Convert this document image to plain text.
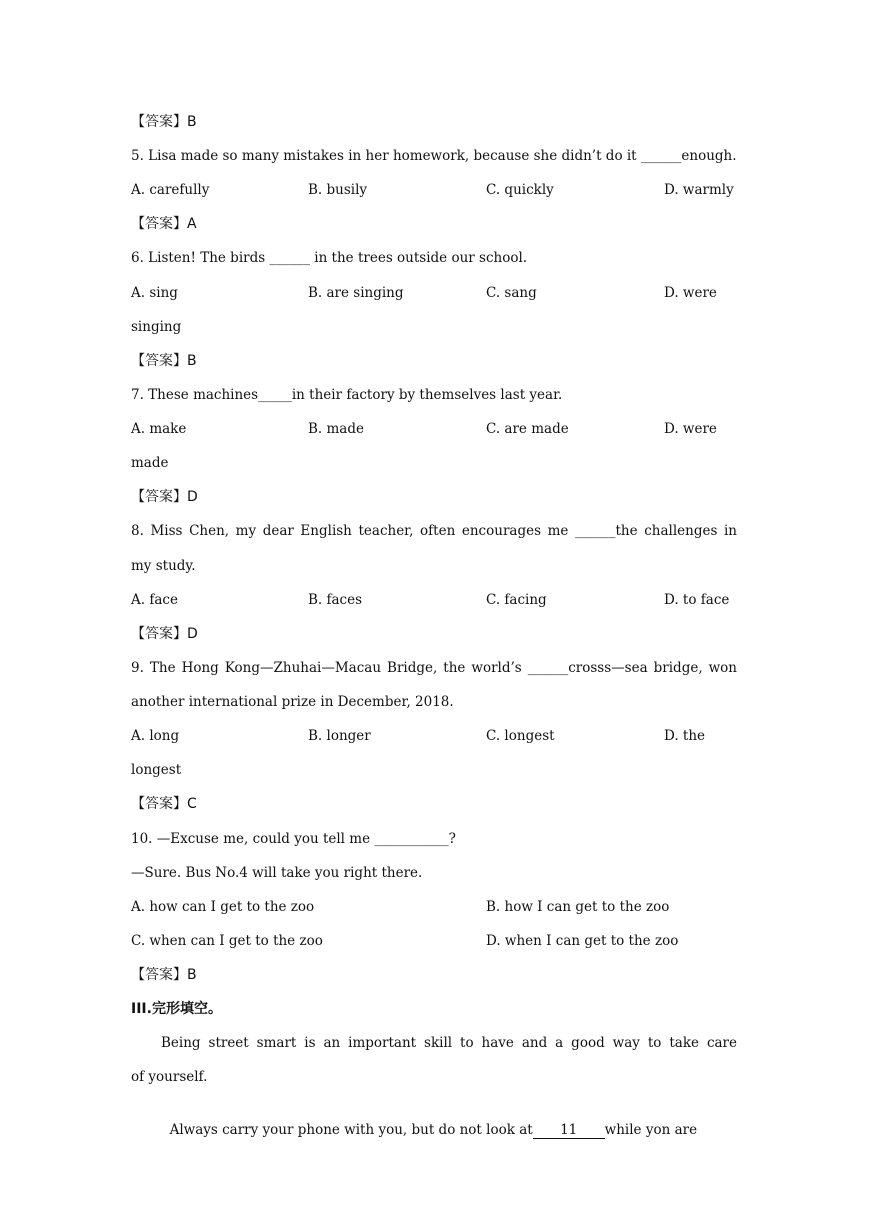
【答案】B
5. Lisa made so many mistakes in her homework, because she didn’t do it ______enough.
A. carefully	B. busily	C. quickly	D. warmly
【答案】A
6. Listen! The birds ______ in the trees outside our school.
A. sing	B. are singing	C. sang	D. were
singing
【答案】B
7. These machines_____in their factory by themselves last year.
A. make	B. made	C. are made	D. were
made
【答案】D
8. Miss Chen, my dear English teacher, often encourages me ______the challenges in
my study.
A. face	B. faces	C. facing	D. to face
【答案】D
9. The Hong Kong—Zhuhai—Macau Bridge, the world’s ______crosss—sea bridge, won
another international prize in December, 2018.
A. long	B. longer	C. longest	D. the
longest
【答案】C
10. —Excuse me, could you tell me ___________?
—Sure. Bus No.4 will take you right there.
A. how can I get to the zoo	B. how I can get to the zoo
C. when can I get to the zoo	D. when I can get to the zoo
【答案】B
III.完形填空。
Being street smart is an important skill to have and a good way to take care
of yourself.

Always carry your phone with you, but do not look at 11 while yon are
